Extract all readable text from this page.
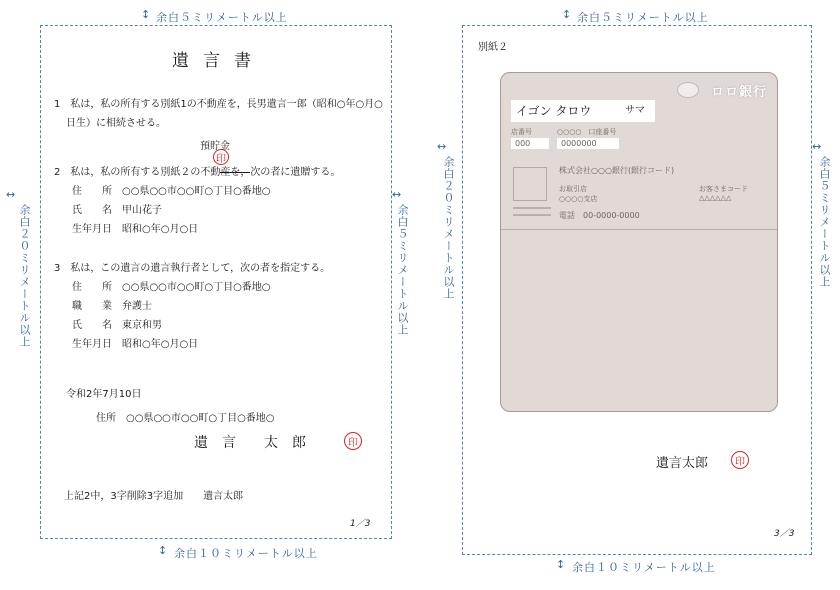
↕ 余白５ミリメートル以上
↔
余白２０ミリメートル以上
↔
余白５ミリメートル以上
↕ 余白１０ミリメートル以上
遺言書
1　私は，私の所有する別紙1の不動産を，長男遺言一郎（昭和○年○月○
日生）に相続させる。
預貯金
印
2　私は，私の所有する別紙２の不動産を，次の者に遺贈する。
住　　所　○○県○○市○○町○丁目○番地○
氏　　名　甲山花子
生年月日　昭和○年○月○日
3　私は，この遺言の遺言執行者として，次の者を指定する。
住　　所　○○県○○市○○町○丁目○番地○
職　　業　弁護士
氏　　名　東京和男
生年月日　昭和○年○月○日
令和2年7月10日
住所　○○県○○市○○町○丁目○番地○
遺　言　　太　郎	印
上記2中，3字削除3字追加　　遺言太郎
1／3
↕ 余白５ミリメートル以上
↔
余白２０ミリメートル以上
↔
余白５ミリメートル以上
↕ 余白１０ミリメートル以上
別紙２
ロロ銀行
イゴン タロウ	サマ
店番号	○○○○　口座番号
000	0000000
株式会社○○○銀行(銀行コード)
お取引店
○○○○支店
お客さまコード
△△△△△△
電話　00-0000-0000
遺言太郎	印
3／3
